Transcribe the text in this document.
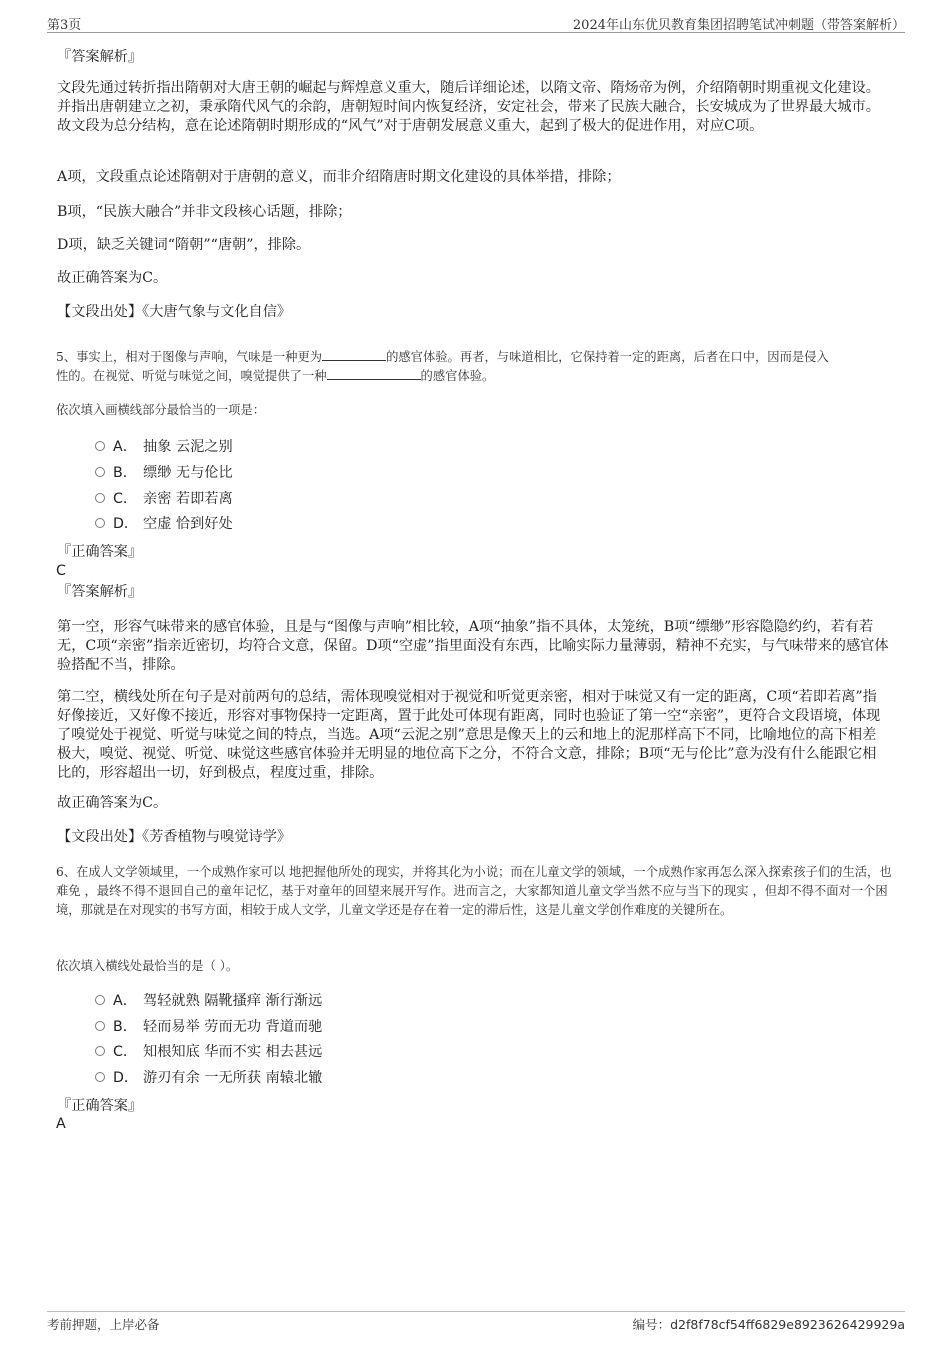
第3页	2024年山东优贝教育集团招聘笔试冲刺题（带答案解析）

『答案解析』

文段先通过转折指出隋朝对大唐王朝的崛起与辉煌意义重大，随后详细论述，以隋文帝、隋炀帝为例，介绍隋朝时期重视文化建设。并指出唐朝建立之初，秉承隋代风气的余韵，唐朝短时间内恢复经济，安定社会，带来了民族大融合，长安城成为了世界最大城市。故文段为总分结构，意在论述隋朝时期形成的“风气”对于唐朝发展意义重大，起到了极大的促进作用，对应C项。

A项，文段重点论述隋朝对于唐朝的意义，而非介绍隋唐时期文化建设的具体举措，排除；

B项，“民族大融合”并非文段核心话题，排除；

D项，缺乏关键词“隋朝”“唐朝”，排除。

故正确答案为C。

【文段出处】《大唐气象与文化自信》

5、事实上，相对于图像与声响，气味是一种更为	的感官体验。再者，与味道相比，它保持着一定的距离，后者在口中，因而是侵入
性的。在视觉、听觉与味觉之间，嗅觉提供了一种	的感官体验。

依次填入画横线部分最恰当的一项是：

A． 抽象 云泥之别
B． 缥缈 无与伦比
C． 亲密 若即若离
D． 空虚 恰到好处

『正确答案』

C

『答案解析』

第一空，形容气味带来的感官体验，且是与“图像与声响”相比较，A项“抽象”指不具体，太笼统，B项“缥缈”形容隐隐约约，若有若无，C项“亲密”指亲近密切，均符合文意，保留。D项“空虚”指里面没有东西，比喻实际力量薄弱，精神不充实，与气味带来的感官体验搭配不当，排除。

第二空，横线处所在句子是对前两句的总结，需体现嗅觉相对于视觉和听觉更亲密，相对于味觉又有一定的距离，C项“若即若离”指好像接近，又好像不接近，形容对事物保持一定距离，置于此处可体现有距离，同时也验证了第一空“亲密”，更符合文段语境，体现了嗅觉处于视觉、听觉与味觉之间的特点，当选。A项“云泥之别”意思是像天上的云和地上的泥那样高下不同，比喻地位的高下相差极大，嗅觉、视觉、听觉、味觉这些感官体验并无明显的地位高下之分，不符合文意，排除；B项“无与伦比”意为没有什么能跟它相比的，形容超出一切，好到极点，程度过重，排除。

故正确答案为C。

【文段出处】《芳香植物与嗅觉诗学》

6、在成人文学领域里，一个成熟作家可以 地把握他所处的现实，并将其化为小说；而在儿童文学的领域，一个成熟作家再怎么深入探索孩子们的生活，也难免 ，最终不得不退回自己的童年记忆，基于对童年的回望来展开写作。进而言之，大家都知道儿童文学当然不应与当下的现实 ，但却不得不面对一个困境，那就是在对现实的书写方面，相较于成人文学，儿童文学还是存在着一定的滞后性，这是儿童文学创作难度的关键所在。

依次填入横线处最恰当的是（ ）。

A． 驾轻就熟 隔靴搔痒 渐行渐远
B． 轻而易举 劳而无功 背道而驰
C． 知根知底 华而不实 相去甚远
D． 游刃有余 一无所获 南辕北辙

『正确答案』

A

考前押题，上岸必备	编号：d2f8f78cf54ff6829e8923626429929a
